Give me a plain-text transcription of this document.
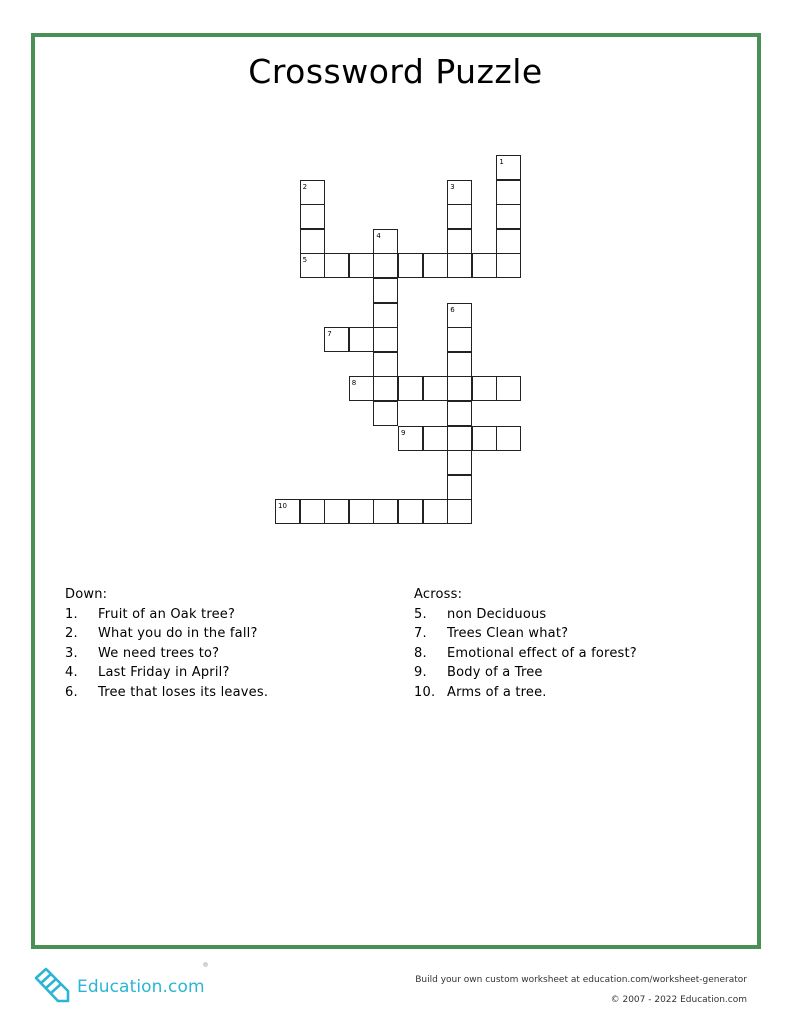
Crossword Puzzle
1
2	3
4
5
6
7
8
9
10
Down:
1.	Fruit of an Oak tree?
2.	What you do in the fall?
3.	We need trees to?
4.	Last Friday in April?
6.	Tree that loses its leaves.
Across:
5.	non Deciduous
7.	Trees Clean what?
8.	Emotional effect of a forest?
9.	Body of a Tree
10. Arms of a tree.
Education.com	Build your own custom worksheet at education.com/worksheet-generator
© 2007 - 2022 Education.com
